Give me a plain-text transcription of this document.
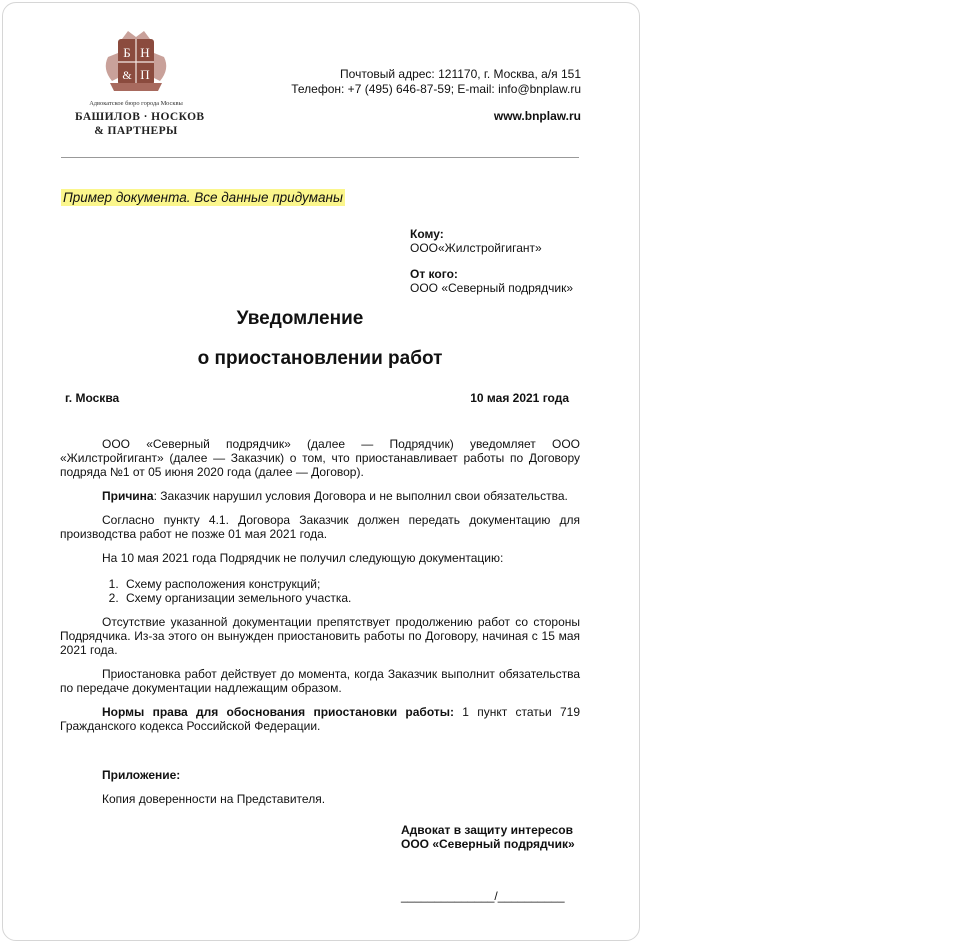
Б Н
& П
Адвокатское бюро города Москвы
БАШИЛОВ · НОСКОВ
& ПАРТНЕРЫ
Почтовый адрес: 121170, г. Москва, а/я 151
Телефон: +7 (495) 646-87-59; E-mail: info@bnplaw.ru
www.bnplaw.ru
Пример документа. Все данные придуманы
Кому:
ООО«Жилстройгигант»
От кого:
ООО «Северный подрядчик»
Уведомление
о приостановлении работ
г. Москва	10 мая 2021 года

ООО «Северный подрядчик» (далее — Подрядчик) уведомляет ООО «Жилстройгигант» (далее — Заказчик) о том, что приостанавливает работы по Договору подряда №1 от 05 июня 2020 года (далее — Договор).

Причина: Заказчик нарушил условия Договора и не выполнил свои обязательства.

Согласно пункту 4.1. Договора Заказчик должен передать документацию для производства работ не позже 01 мая 2021 года.

На 10 мая 2021 года Подрядчик не получил следующую документацию:

1. Схему расположения конструкций;
2. Схему организации земельного участка.

Отсутствие указанной документации препятствует продолжению работ со стороны Подрядчика. Из-за этого он вынужден приостановить работы по Договору, начиная с 15 мая 2021 года.

Приостановка работ действует до момента, когда Заказчик выполнит обязательства по передаче документации надлежащим образом.

Нормы права для обоснования приостановки работы: 1 пункт статьи 719 Гражданского кодекса Российской Федерации.

Приложение:
Копия доверенности на Представителя.
Адвокат в защиту интересов
ООО «Северный подрядчик»
______________/__________
